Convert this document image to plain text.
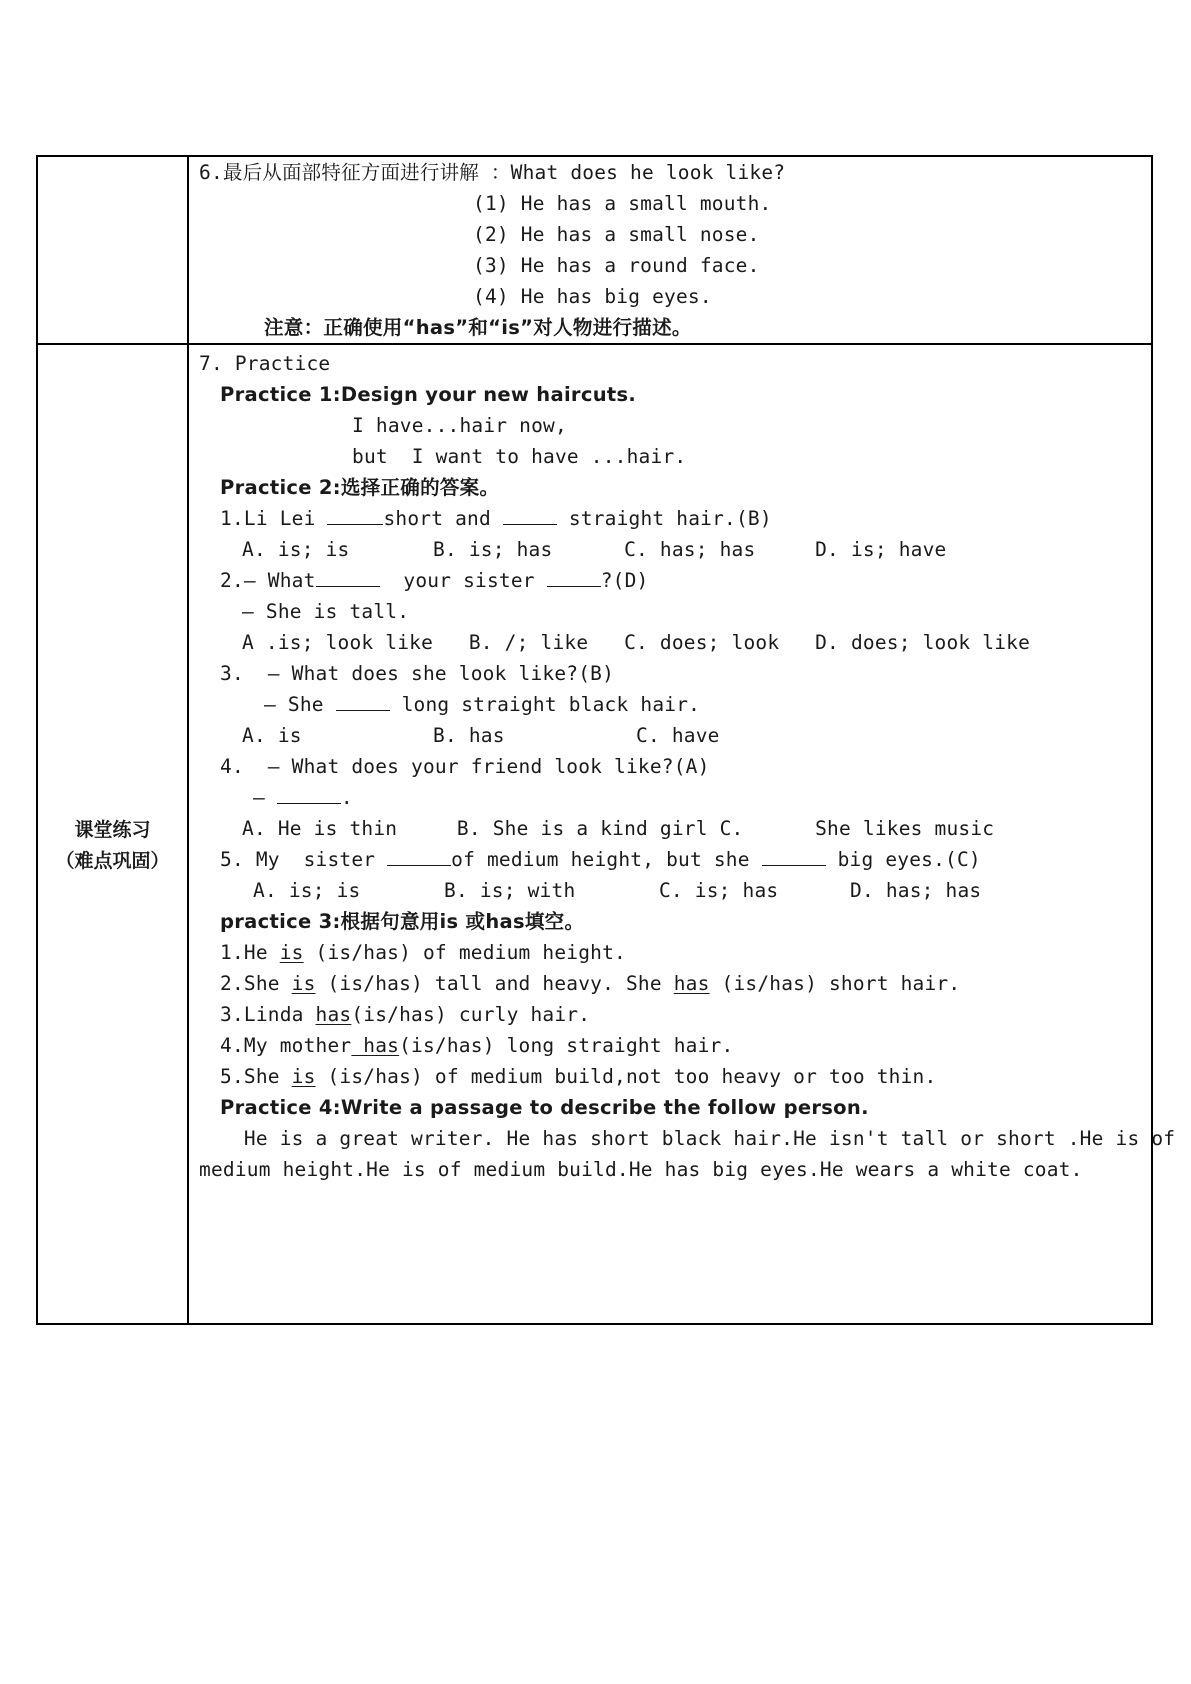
6.最后从面部特征方面进行讲解 ：What does he look like?
(1) He has a small mouth.
(2) He has a small nose.
(3) He has a round face.
(4) He has big eyes.
注意：正确使用“has”和“is”对人物进行描述。
课堂练习
（难点巩固）
7. Practice
Practice 1:Design your new haircuts.
I have...hair now,
but  I want to have ...hair.
Practice 2:选择正确的答案。
1.Li Lei	short and	straight hair.(B)
A. is; is       B. is; has      C. has; has     D. is; have
2.— What	your sister	?(D)
— She is tall.
A .is; look like   B. /; like   C. does; look   D. does; look like
3.  — What does she look like?(B)
— She	long straight black hair.
A. is           B. has           C. have
4.  — What does your friend look like?(A)
—	.
A. He is thin     B. She is a kind girl C.      She likes music
5. My  sister	of medium height, but she	big eyes.(C)
A. is; is       B. is; with       C. is; has      D. has; has
practice 3:根据句意用is 或has填空。
1.He is (is/has) of medium height.
2.She is (is/has) tall and heavy. She has (is/has) short hair.
3.Linda has(is/has) curly hair.
4.My mother has(is/has) long straight hair.
5.She is (is/has) of medium build,not too heavy or too thin.
Practice 4:Write a passage to describe the follow person.
He is a great writer. He has short black hair.He isn't tall or short .He is of
medium height.He is of medium build.He has big eyes.He wears a white coat.
